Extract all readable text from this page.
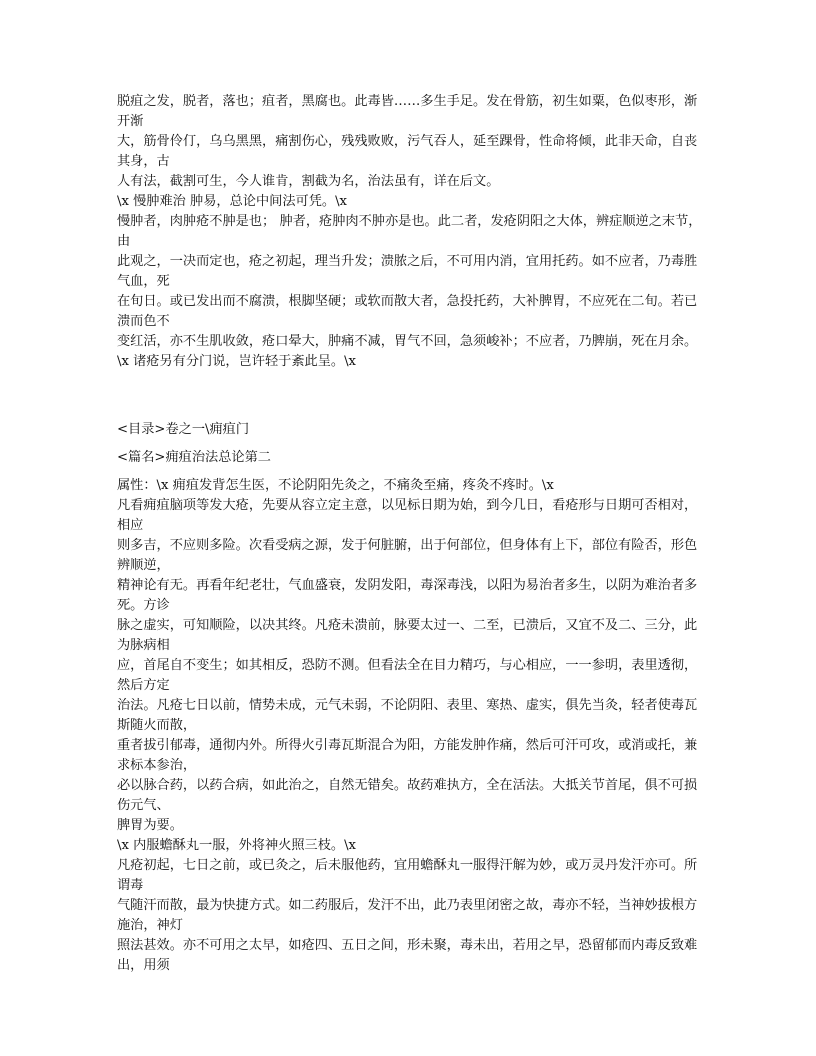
脱疽之发，脱者，落也；疽者，黑腐也。此毒皆……多生手足。发在骨筋，初生如粟，色似枣形，渐开渐

大，筋骨伶仃，乌乌黑黑，痛割伤心，残残败败，污气吞人，延至踝骨，性命将倾，此非天命，自丧其身，古

人有法，截割可生，今人谁肯，割截为名，治法虽有，详在后文。

\x 慢肿难治 肿易，总论中间法可凭。\x

慢肿者，肉肿疮不肿是也； 肿者，疮肿肉不肿亦是也。此二者，发疮阴阳之大体，辨症顺逆之末节，由

此观之，一决而定也，疮之初起，理当升发；溃脓之后，不可用内消，宜用托药。如不应者，乃毒胜气血，死

在旬日。或已发出而不腐溃，根脚坚硬；或软而散大者，急投托药，大补脾胃，不应死在二旬。若已溃而色不

变红活，亦不生肌收敛，疮口晕大，肿痛不减，胃气不回，急须峻补；不应者，乃脾崩，死在月余。

\x 诸疮另有分门说，岂许轻于紊此呈。\x

<目录>卷之一\痈疽门

<篇名>痈疽治法总论第二

属性：\x 痈疽发背怎生医，不论阴阳先灸之，不痛灸至痛，疼灸不疼时。\x

凡看痈疽脑项等发大疮，先要从容立定主意，以见标日期为始，到今几日，看疮形与日期可否相对，相应

则多吉，不应则多险。次看受病之源，发于何脏腑，出于何部位，但身体有上下，部位有险否，形色辨顺逆，

精神论有无。再看年纪老壮，气血盛衰，发阴发阳，毒深毒浅，以阳为易治者多生，以阴为难治者多死。方诊

脉之虚实，可知顺险，以决其终。凡疮未溃前，脉要太过一、二至，已溃后，又宜不及二、三分，此为脉病相

应，首尾自不变生；如其相反，恐防不测。但看法全在目力精巧，与心相应，一一参明，表里透彻，然后方定

治法。凡疮七日以前，情势未成，元气未弱，不论阴阳、表里、寒热、虚实，俱先当灸，轻者使毒瓦斯随火而散，

重者拔引郁毒，通彻内外。所得火引毒瓦斯混合为阳，方能发肿作痛，然后可汗可攻，或消或托，兼求标本参治，

必以脉合药，以药合病，如此治之，自然无错矣。故药难执方，全在活法。大抵关节首尾，俱不可损伤元气、

脾胃为要。

\x 内服蟾酥丸一服，外将神火照三枝。\x

凡疮初起，七日之前，或已灸之，后未服他药，宜用蟾酥丸一服得汗解为妙，或万灵丹发汗亦可。所谓毒

气随汗而散，最为快捷方式。如二药服后，发汗不出，此乃表里闭密之故，毒亦不轻，当神妙拔根方施治，神灯

照法甚效。亦不可用之太早，如疮四、五日之间，形未聚，毒未出，若用之早，恐留郁而内毒反致难出，用须
